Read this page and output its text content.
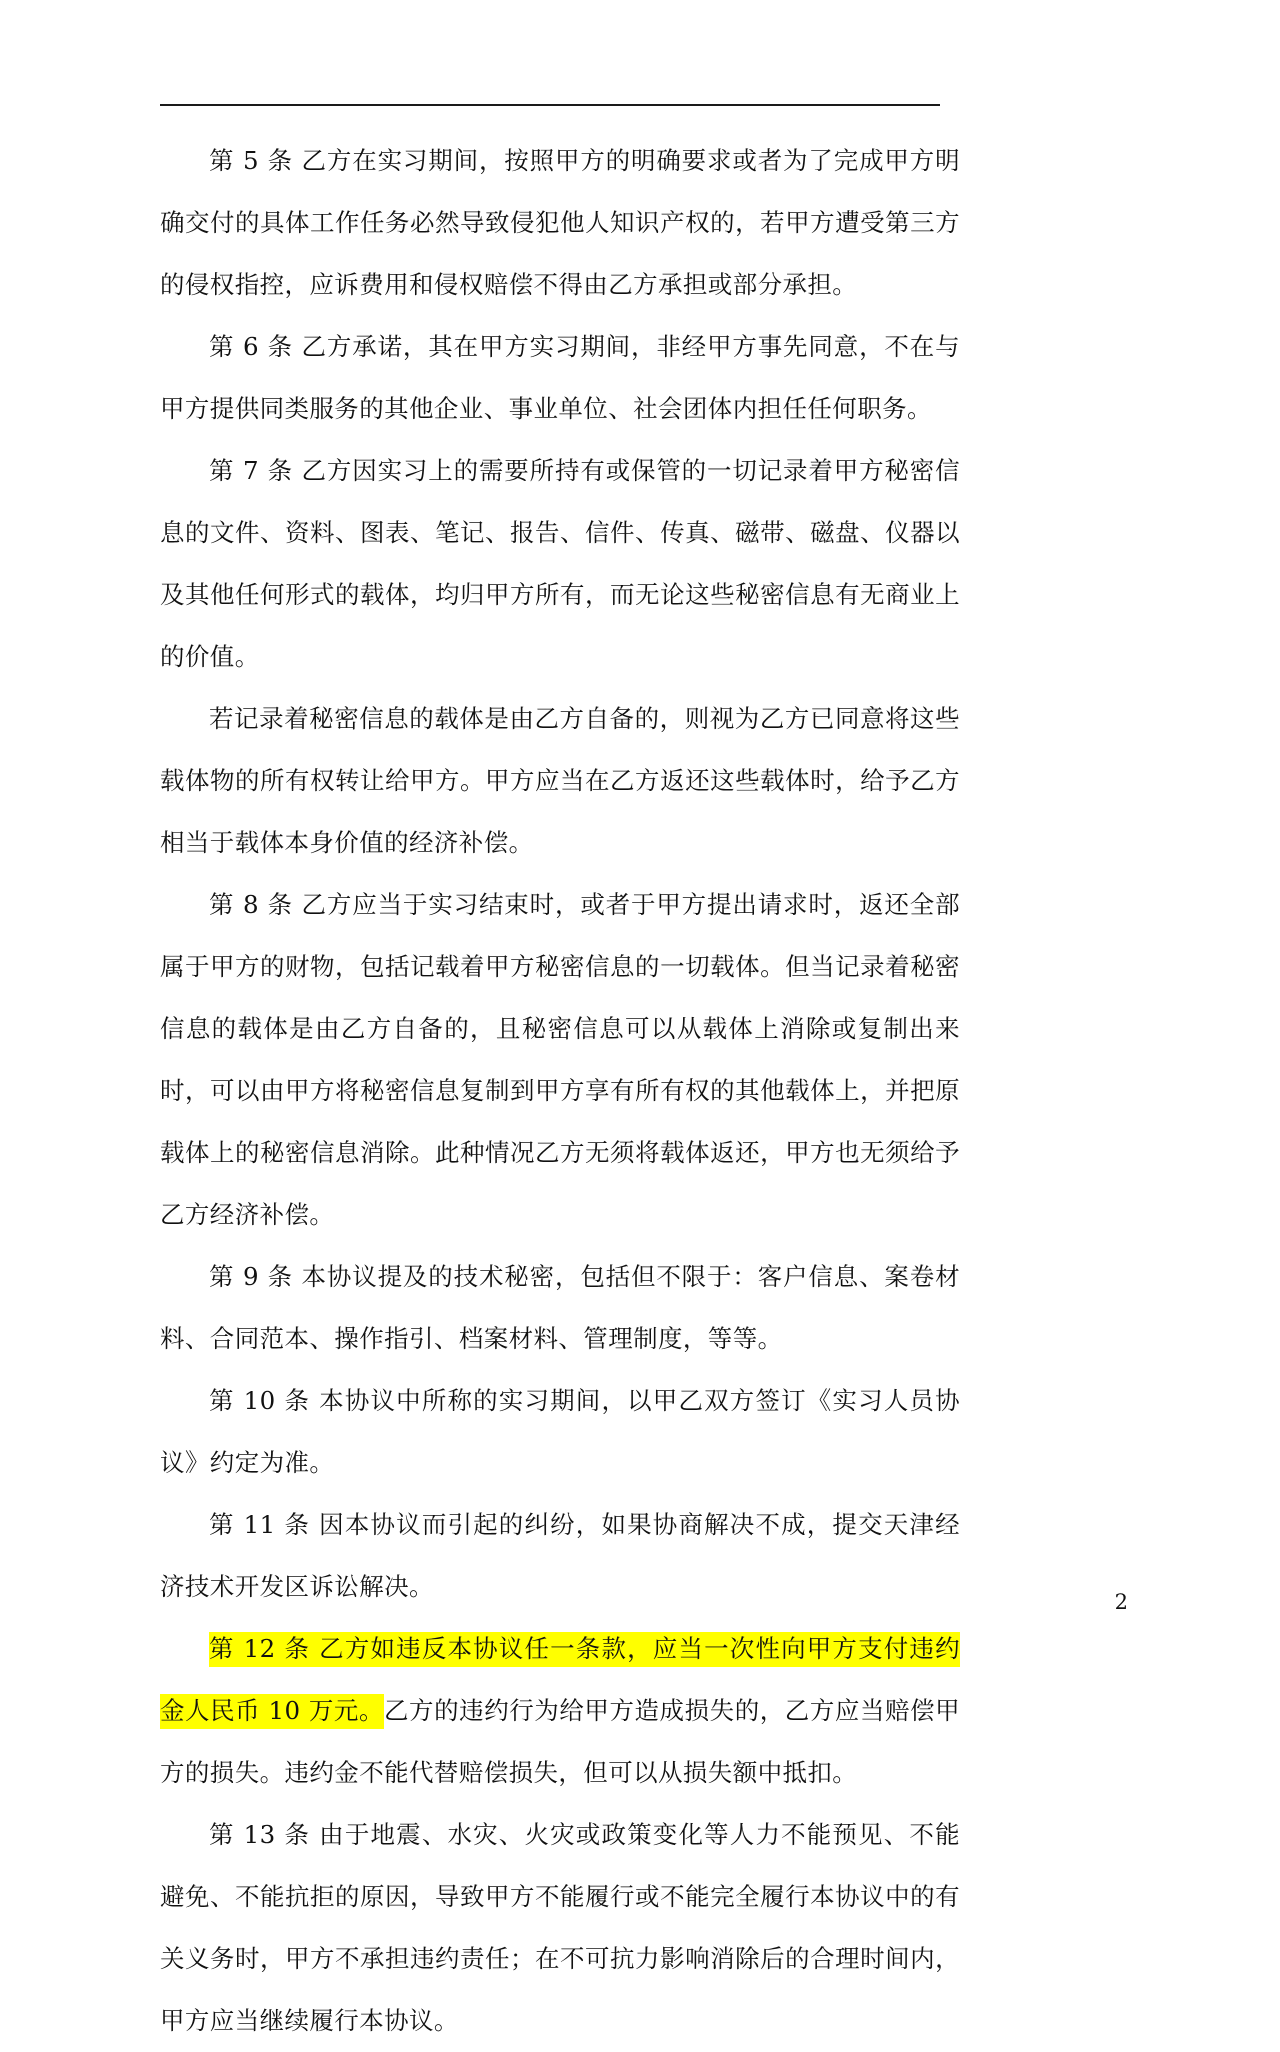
第 5 条 乙方在实习期间，按照甲方的明确要求或者为了完成甲方明确交付的具体工作任务必然导致侵犯他人知识产权的，若甲方遭受第三方的侵权指控，应诉费用和侵权赔偿不得由乙方承担或部分承担。

第 6 条 乙方承诺，其在甲方实习期间，非经甲方事先同意，不在与甲方提供同类服务的其他企业、事业单位、社会团体内担任任何职务。

第 7 条 乙方因实习上的需要所持有或保管的一切记录着甲方秘密信息的文件、资料、图表、笔记、报告、信件、传真、磁带、磁盘、仪器以及其他任何形式的载体，均归甲方所有，而无论这些秘密信息有无商业上的价值。

若记录着秘密信息的载体是由乙方自备的，则视为乙方已同意将这些载体物的所有权转让给甲方。甲方应当在乙方返还这些载体时，给予乙方相当于载体本身价值的经济补偿。

第 8 条 乙方应当于实习结束时，或者于甲方提出请求时，返还全部属于甲方的财物，包括记载着甲方秘密信息的一切载体。但当记录着秘密信息的载体是由乙方自备的，且秘密信息可以从载体上消除或复制出来时，可以由甲方将秘密信息复制到甲方享有所有权的其他载体上，并把原载体上的秘密信息消除。此种情况乙方无须将载体返还，甲方也无须给予乙方经济补偿。

第 9 条 本协议提及的技术秘密，包括但不限于：客户信息、案卷材料、合同范本、操作指引、档案材料、管理制度，等等。

第 10 条 本协议中所称的实习期间，以甲乙双方签订《实习人员协议》约定为准。

第 11 条 因本协议而引起的纠纷，如果协商解决不成，提交天津经济技术开发区诉讼解决。

第 12 条 乙方如违反本协议任一条款，应当一次性向甲方支付违约金人民币 10 万元。乙方的违约行为给甲方造成损失的，乙方应当赔偿甲方的损失。违约金不能代替赔偿损失，但可以从损失额中抵扣。

第 13 条 由于地震、水灾、火灾或政策变化等人力不能预见、不能避免、不能抗拒的原因，导致甲方不能履行或不能完全履行本协议中的有关义务时，甲方不承担违约责任；在不可抗力影响消除后的合理时间内，甲方应当继续履行本协议。

2
